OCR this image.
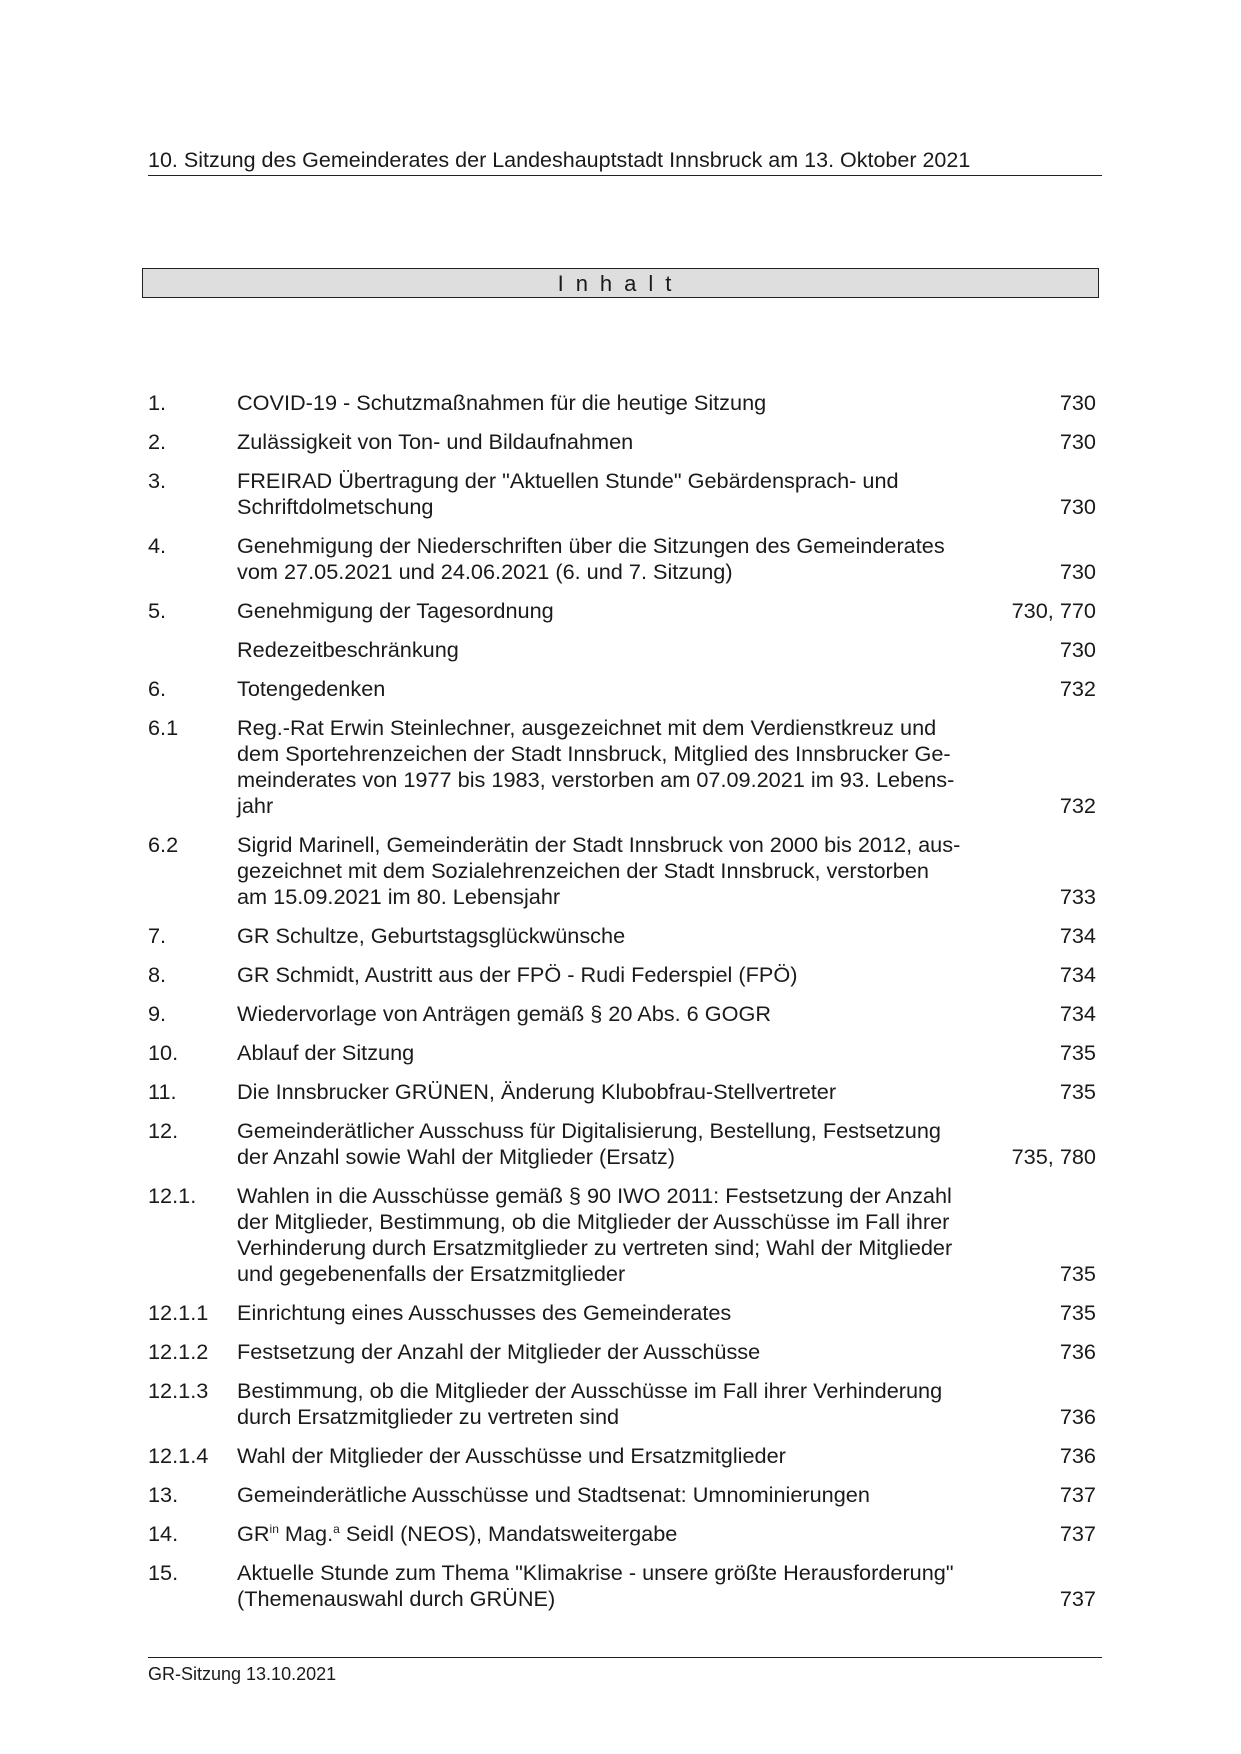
10. Sitzung des Gemeinderates der Landeshauptstadt Innsbruck am 13. Oktober 2021
Inhalt
1.	COVID-19 - Schutzmaßnahmen für die heutige Sitzung	730
2.	Zulässigkeit von Ton- und Bildaufnahmen	730
3.	FREIRAD Übertragung der "Aktuellen Stunde" Gebärdensprach- und
Schriftdolmetschung	730
4.	Genehmigung der Niederschriften über die Sitzungen des Gemeinderates
vom 27.05.2021 und 24.06.2021 (6. und 7. Sitzung)	730
5.	Genehmigung der Tagesordnung	730, 770
Redezeitbeschränkung	730
6.	Totengedenken	732
6.1	Reg.-Rat Erwin Steinlechner, ausgezeichnet mit dem Verdienstkreuz und
dem Sportehrenzeichen der Stadt Innsbruck, Mitglied des Innsbrucker Ge-
meinderates von 1977 bis 1983, verstorben am 07.09.2021 im 93. Lebens-
jahr	732
6.2	Sigrid Marinell, Gemeinderätin der Stadt Innsbruck von 2000 bis 2012, aus-
gezeichnet mit dem Sozialehrenzeichen der Stadt Innsbruck, verstorben
am 15.09.2021 im 80. Lebensjahr	733
7.	GR Schultze, Geburtstagsglückwünsche	734
8.	GR Schmidt, Austritt aus der FPÖ - Rudi Federspiel (FPÖ)	734
9.	Wiedervorlage von Anträgen gemäß § 20 Abs. 6 GOGR	734
10.	Ablauf der Sitzung	735
11.	Die Innsbrucker GRÜNEN, Änderung Klubobfrau-Stellvertreter	735
12.	Gemeinderätlicher Ausschuss für Digitalisierung, Bestellung, Festsetzung
der Anzahl sowie Wahl der Mitglieder (Ersatz)	735, 780
12.1.	Wahlen in die Ausschüsse gemäß § 90 IWO 2011: Festsetzung der Anzahl
der Mitglieder, Bestimmung, ob die Mitglieder der Ausschüsse im Fall ihrer
Verhinderung durch Ersatzmitglieder zu vertreten sind; Wahl der Mitglieder
und gegebenenfalls der Ersatzmitglieder	735
12.1.1	Einrichtung eines Ausschusses des Gemeinderates	735
12.1.2	Festsetzung der Anzahl der Mitglieder der Ausschüsse	736
12.1.3	Bestimmung, ob die Mitglieder der Ausschüsse im Fall ihrer Verhinderung
durch Ersatzmitglieder zu vertreten sind	736
12.1.4	Wahl der Mitglieder der Ausschüsse und Ersatzmitglieder	736
13.	Gemeinderätliche Ausschüsse und Stadtsenat: Umnominierungen	737
14.	$GR^{in}$ Mag.$^a$ Seidl (NEOS), Mandatsweitergabe	737
15.	Aktuelle Stunde zum Thema "Klimakrise - unsere größte Herausforderung"
(Themenauswahl durch GRÜNE)	737
GR-Sitzung 13.10.2021
